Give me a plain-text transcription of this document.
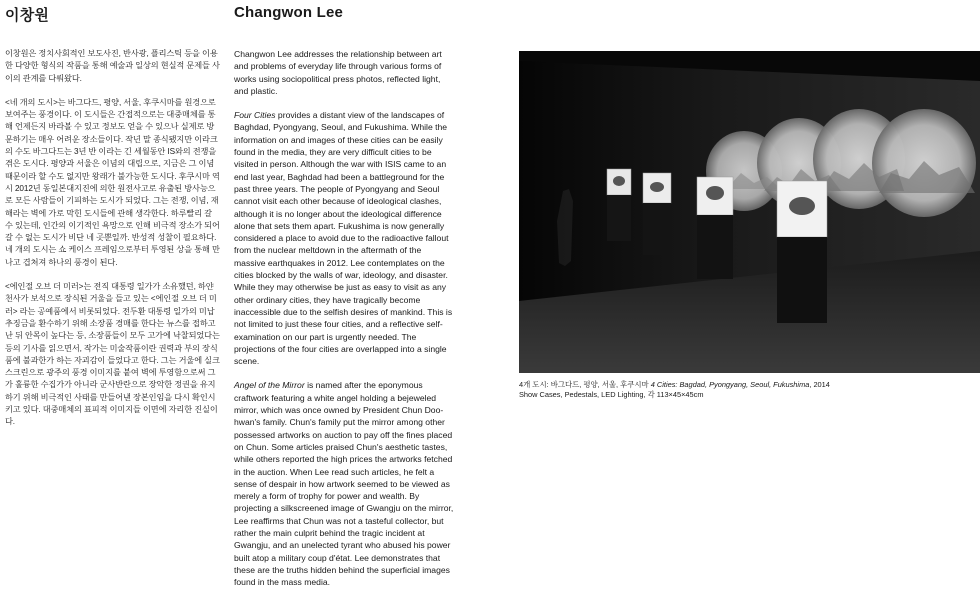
이창원

이창원은 정치사회적인 보도사진, 반사광, 플리스틱 등을 이용한 다양한 형식의 작품을 통해 예술과 일상의 현실적 문제들 사이의 관계를 다뤄왔다.

<네 개의 도시>는 바그다드, 평양, 서울, 후쿠시마를 원경으로 보여주는 풍경이다. 이 도시들은 간접적으로는 대중매체를 통해 언제든지 바라볼 수 있고 정보도 얻을 수 있으나 실제로 방문하기는 매우 어려운 장소들이다. 작년 말 종식됐지만 이라크의 수도 바그다드는 3년 반 이라는 긴 세월동안 IS와의 전쟁을 겪은 도시다. 평양과 서울은 이념의 대립으로, 지금은 그 이념 때문이라 할 수도 없지만 왕래가 불가능한 도시다. 후쿠시마 역시 2012년 동일본대지진에 의한 원전사고로 유출된 방사능으로 모든 사람들이 기피하는 도시가 되었다. 그는 전쟁, 이념, 재해라는 벽에 가로 막힌 도시들에 관해 생각한다. 하루빨리 갈 수 있는데, 인간의 이기적인 욕망으로 인해 비극적 장소가 되어 갈 수 없는 도시가 비단 네 곳뿐일까. 반성적 성찰이 필요하다. 네 개의 도시는 쇼 케이스 프레임으로부터 투영된 상을 통해 만나고 겹쳐져 하나의 풍경이 된다.

<에인절 오브 더 미러>는 전직 대통령 일가가 소유했던, 하얀 천사가 보석으로 장식된 거울을 들고 있는 <에인절 오브 더 미러> 라는 공예품에서 비롯되었다. 전두환 대통령 일가의 미납 추징금을 환수하기 위해 소장품 경매를 한다는 뉴스를 접하고 난 뒤 안목이 높다는 등, 소장품들이 모두 고가에 낙찰되었다는 등의 기사를 읽으면서, 작가는 미술작품이란 권력과 부의 장식품에 불과한가 하는 자괴감이 들었다고 한다. 그는 거울에 실크스크린으로 광주의 풍경 이미지를 붙여 벽에 투영함으로써 그가 훌륭한 수집가가 아니라 군사반란으로 장악한 정권을 유지하기 위해 비극적인 사태를 만들어낸 장본인임을 다시 확인시키고 있다. 대중매체의 표피적 이미지들 이면에 자리한 진실이다.

Changwon Lee

Changwon Lee addresses the relationship between art and problems of everyday life through various forms of works using sociopolitical press photos, reflected light, and plastic.

Four Cities provides a distant view of the landscapes of Baghdad, Pyongyang, Seoul, and Fukushima. While the information on and images of these cities can be easily found in the media, they are very difficult cities to be visited in person. Although the war with ISIS came to an end last year, Baghdad had been a battleground for the past three years. The people of Pyongyang and Seoul cannot visit each other because of ideological clashes, although it is no longer about the ideological difference alone that sets them apart. Fukushima is now generally considered a place to avoid due to the radioactive fallout from the nuclear meltdown in the aftermath of the massive earthquakes in 2012. Lee contemplates on the cities blocked by the walls of war, ideology, and disaster. While they may otherwise be just as easy to visit as any other ordinary cities, they have tragically become inaccessible due to the selfish desires of mankind. This is not limited to just these four cities, and a reflective self-examination on our part is urgently needed. The projections of the four cities are overlapped into a single scene.

Angel of the Mirror is named after the eponymous craftwork featuring a white angel holding a bejeweled mirror, which was once owned by President Chun Doo-hwan's family. Chun's family put the mirror among other possessed artworks on auction to pay off the fines placed on Chun. Some articles praised Chun's aesthetic tastes, while others reported the high prices the artworks fetched in the auction. When Lee read such articles, he felt a sense of despair in how artwork seemed to be viewed as merely a form of trophy for power and wealth. By projecting a silkscreened image of Gwangju on the mirror, Lee reaffirms that Chun was not a tasteful collector, but rather the main culprit behind the tragic incident at Gwangju, and an unelected tyrant who abused his power built atop a military coup d'état. Lee demonstrates that these are the truths hidden behind the superficial images found in the mass media.

4개 도시: 바그다드, 평양, 서울, 후쿠시마 4 Cities: Bagdad, Pyongyang, Seoul, Fukushima, 2014

Show Cases, Pedestals, LED Lighting, 각 113×45×45cm
